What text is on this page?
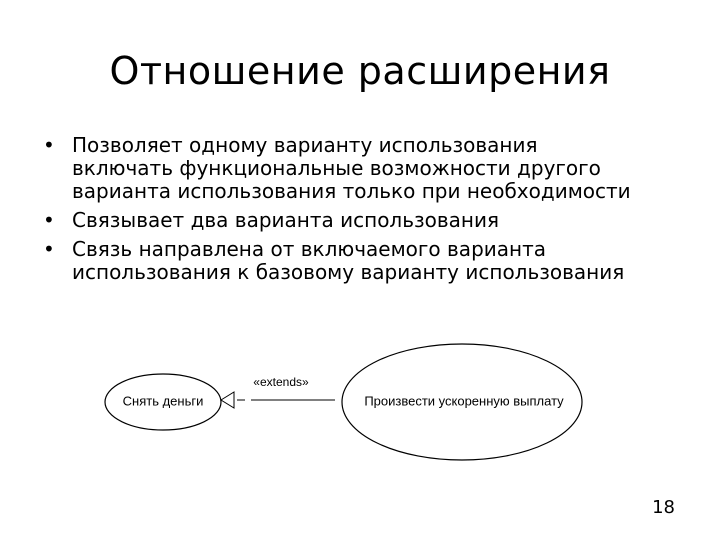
Отношение расширения
• Позволяет одному варианту использования включать функциональные возможности другого варианта использования только при необходимости
• Связывает два варианта использования
• Связь направлена от включаемого варианта использования к базовому варианту использования
Снять деньги	Произвести ускоренную выплату
«extends»
18
